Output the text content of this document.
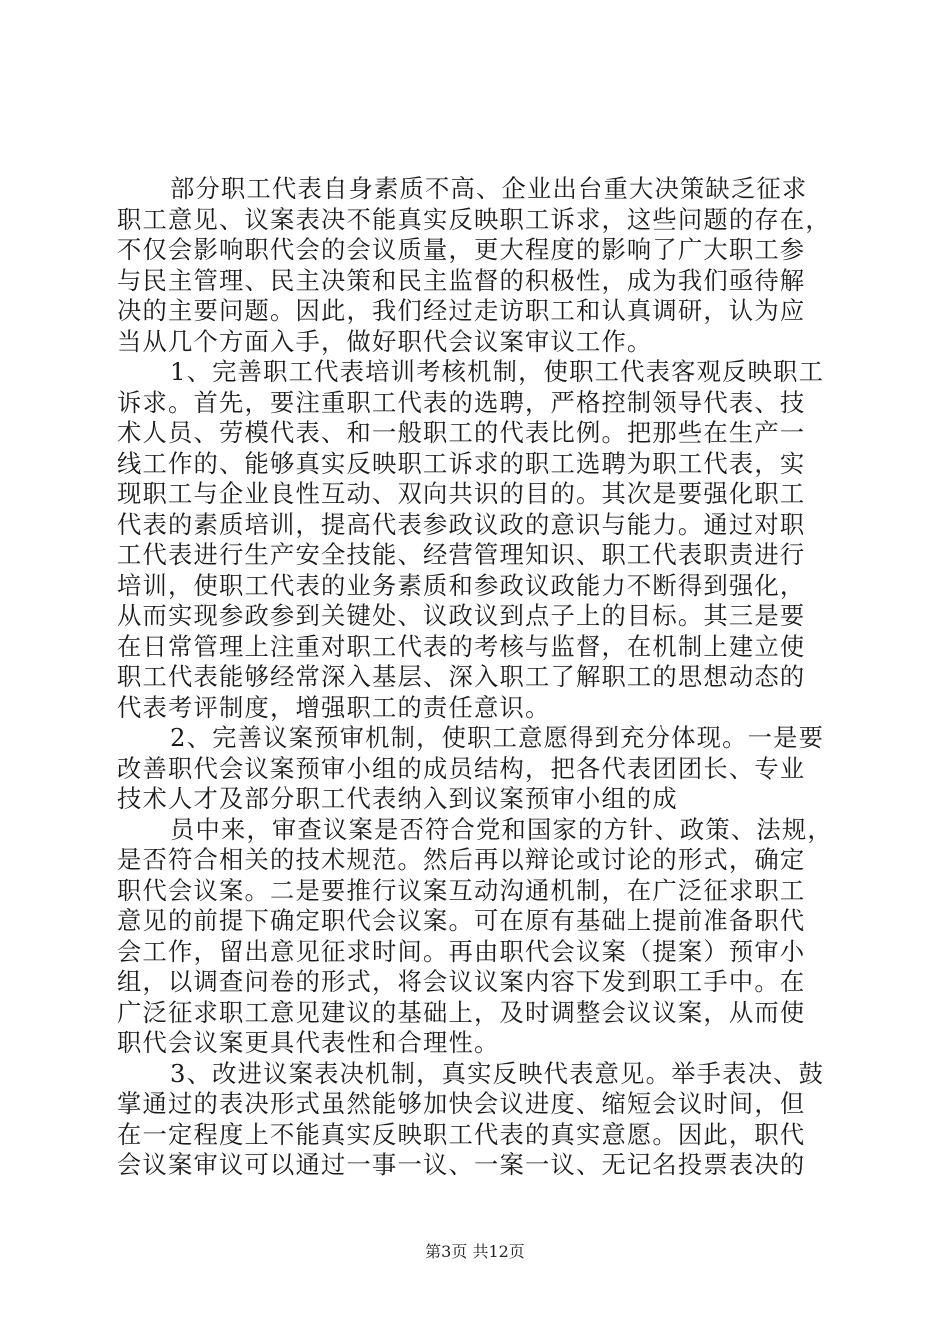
部分职工代表自身素质不高、企业出台重大决策缺乏征求
职工意见、议案表决不能真实反映职工诉求，这些问题的存在，
不仅会影响职代会的会议质量，更大程度的影响了广大职工参
与民主管理、民主决策和民主监督的积极性，成为我们亟待解
决的主要问题。因此，我们经过走访职工和认真调研，认为应
当从几个方面入手，做好职代会议案审议工作。
1、完善职工代表培训考核机制，使职工代表客观反映职工
诉求。首先，要注重职工代表的选聘，严格控制领导代表、技
术人员、劳模代表、和一般职工的代表比例。把那些在生产一
线工作的、能够真实反映职工诉求的职工选聘为职工代表，实
现职工与企业良性互动、双向共识的目的。其次是要强化职工
代表的素质培训，提高代表参政议政的意识与能力。通过对职
工代表进行生产安全技能、经营管理知识、职工代表职责进行
培训，使职工代表的业务素质和参政议政能力不断得到强化，
从而实现参政参到关键处、议政议到点子上的目标。其三是要
在日常管理上注重对职工代表的考核与监督，在机制上建立使
职工代表能够经常深入基层、深入职工了解职工的思想动态的
代表考评制度，增强职工的责任意识。
2、完善议案预审机制，使职工意愿得到充分体现。一是要
改善职代会议案预审小组的成员结构，把各代表团团长、专业
技术人才及部分职工代表纳入到议案预审小组的成
员中来，审查议案是否符合党和国家的方针、政策、法规，
是否符合相关的技术规范。然后再以辩论或讨论的形式，确定
职代会议案。二是要推行议案互动沟通机制，在广泛征求职工
意见的前提下确定职代会议案。可在原有基础上提前准备职代
会工作，留出意见征求时间。再由职代会议案（提案）预审小
组，以调查问卷的形式，将会议议案内容下发到职工手中。在
广泛征求职工意见建议的基础上，及时调整会议议案，从而使
职代会议案更具代表性和合理性。
3、改进议案表决机制，真实反映代表意见。举手表决、鼓
掌通过的表决形式虽然能够加快会议进度、缩短会议时间，但
在一定程度上不能真实反映职工代表的真实意愿。因此，职代
会议案审议可以通过一事一议、一案一议、无记名投票表决的
第3页 共12页
